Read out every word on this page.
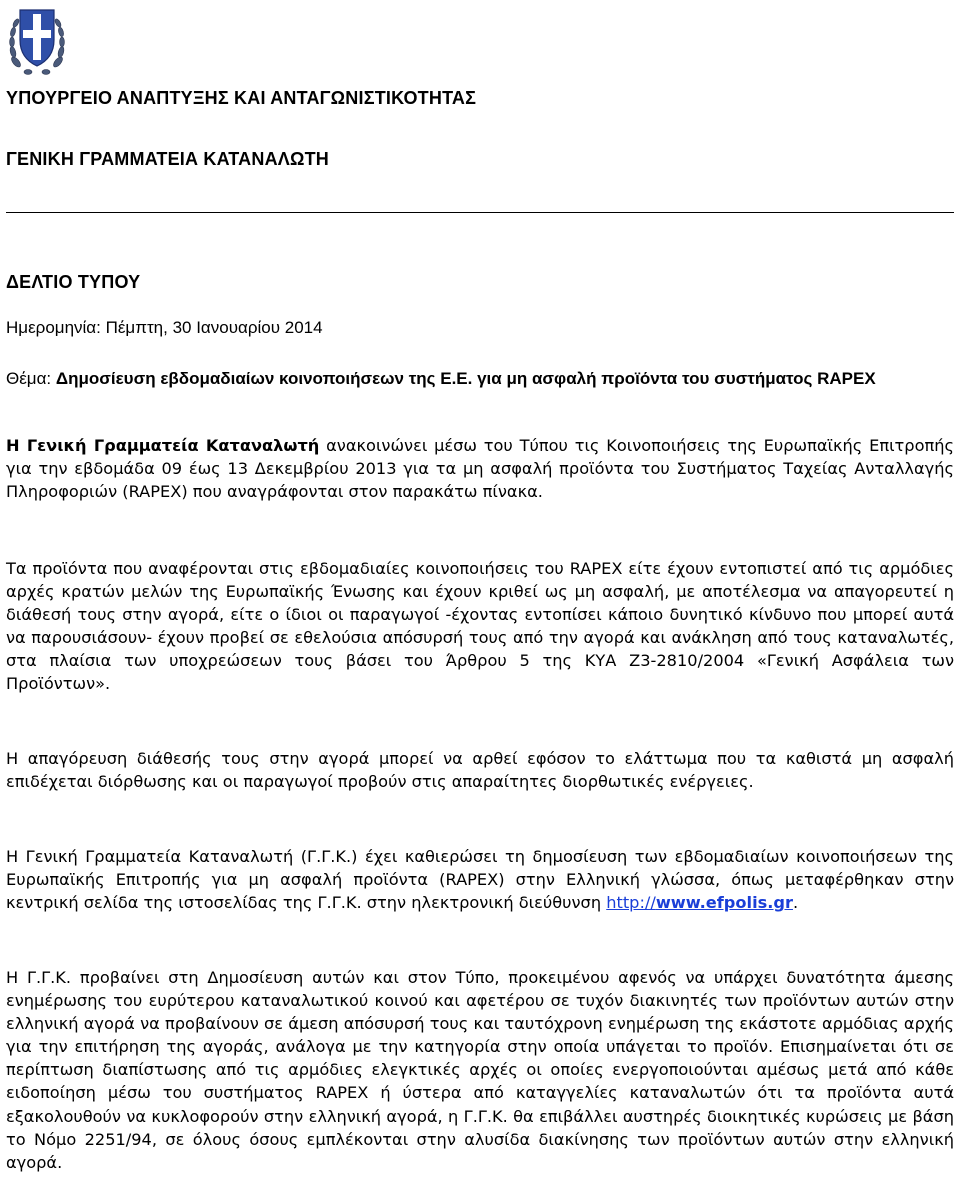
ΥΠΟΥΡΓΕΙΟ ΑΝΑΠΤΥΞΗΣ ΚΑΙ ΑΝΤΑΓΩΝΙΣΤΙΚΟΤΗΤΑΣ
ΓΕΝΙΚΗ ΓΡΑΜΜΑΤΕΙΑ ΚΑΤΑΝΑΛΩΤΗ
ΔΕΛΤΙΟ ΤΥΠΟΥ
Ημερομηνία: Πέμπτη, 30 Ιανουαρίου 2014
Θέμα: Δημοσίευση εβδομαδιαίων κοινοποιήσεων της Ε.Ε. για μη ασφαλή προϊόντα του συστήματος RAPEX

Η Γενική Γραμματεία Καταναλωτή ανακοινώνει μέσω του Τύπου τις Κοινοποιήσεις της Ευρωπαϊκής Επιτροπής για την εβδομάδα 09 έως 13 Δεκεμβρίου 2013 για τα μη ασφαλή προϊόντα του Συστήματος Ταχείας Ανταλλαγής Πληροφοριών (RAPEX) που αναγράφονται στον παρακάτω πίνακα.

Τα προϊόντα που αναφέρονται στις εβδομαδιαίες κοινοποιήσεις του RAPEX είτε έχουν εντοπιστεί από τις αρμόδιες αρχές κρατών μελών της Ευρωπαϊκής Ένωσης και έχουν κριθεί ως μη ασφαλή, με αποτέλεσμα να απαγορευτεί η διάθεσή τους στην αγορά, είτε ο ίδιοι οι παραγωγοί -έχοντας εντοπίσει κάποιο δυνητικό κίνδυνο που μπορεί αυτά να παρουσιάσουν- έχουν προβεί σε εθελούσια απόσυρσή τους από την αγορά και ανάκληση από τους καταναλωτές, στα πλαίσια των υποχρεώσεων τους βάσει του Άρθρου 5 της ΚΥΑ Ζ3-2810/2004 «Γενική Ασφάλεια των Προϊόντων».

Η απαγόρευση διάθεσής τους στην αγορά μπορεί να αρθεί εφόσον το ελάττωμα που τα καθιστά μη ασφαλή επιδέχεται διόρθωσης και οι παραγωγοί προβούν στις απαραίτητες διορθωτικές ενέργειες.

Η Γενική Γραμματεία Καταναλωτή (Γ.Γ.Κ.) έχει καθιερώσει τη δημοσίευση των εβδομαδιαίων κοινοποιήσεων της Ευρωπαϊκής Επιτροπής για μη ασφαλή προϊόντα (RAPEX) στην Ελληνική γλώσσα, όπως μεταφέρθηκαν στην κεντρική σελίδα της ιστοσελίδας της Γ.Γ.Κ. στην ηλεκτρονική διεύθυνση http://www.efpolis.gr.

Η Γ.Γ.Κ. προβαίνει στη Δημοσίευση αυτών και στον Τύπο, προκειμένου αφενός να υπάρχει δυνατότητα άμεσης ενημέρωσης του ευρύτερου καταναλωτικού κοινού και αφετέρου σε τυχόν διακινητές των προϊόντων αυτών στην ελληνική αγορά να προβαίνουν σε άμεση απόσυρσή τους και ταυτόχρονη ενημέρωση της εκάστοτε αρμόδιας αρχής για την επιτήρηση της αγοράς, ανάλογα με την κατηγορία στην οποία υπάγεται το προϊόν. Επισημαίνεται ότι σε περίπτωση διαπίστωσης από τις αρμόδιες ελεγκτικές αρχές οι οποίες ενεργοποιούνται αμέσως μετά από κάθε ειδοποίηση μέσω του συστήματος RAPEX ή ύστερα από καταγγελίες καταναλωτών ότι τα προϊόντα αυτά εξακολουθούν να κυκλοφορούν στην ελληνική αγορά, η Γ.Γ.Κ. θα επιβάλλει αυστηρές διοικητικές κυρώσεις με βάση το Νόμο 2251/94, σε όλους όσους εμπλέκονται στην αλυσίδα διακίνησης των προϊόντων αυτών στην ελληνική αγορά.
